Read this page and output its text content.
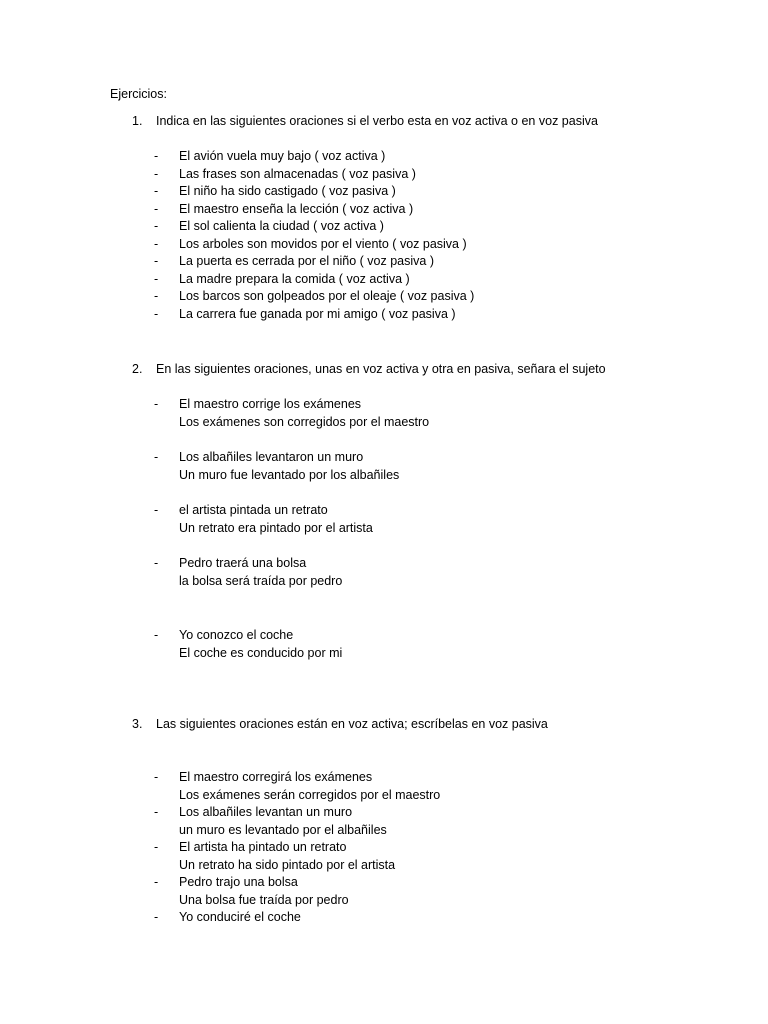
Ejercicios:
1. Indica en las siguientes oraciones si el verbo esta en voz activa o en voz pasiva
- El avión vuela muy bajo ( voz activa )
- Las frases son almacenadas ( voz pasiva )
- El niño ha sido castigado ( voz pasiva )
- El maestro enseña la lección ( voz activa )
- El sol calienta la ciudad ( voz activa )
- Los arboles son movidos por el viento ( voz pasiva )
- La puerta es cerrada por el niño ( voz pasiva )
- La madre prepara la comida ( voz activa )
- Los barcos son golpeados por el oleaje ( voz pasiva )
- La carrera fue ganada por mi amigo ( voz pasiva )
2. En las siguientes oraciones, unas en voz activa y otra en pasiva, señara el sujeto
- El maestro corrige los exámenes
Los exámenes son corregidos por el maestro
- Los albañiles levantaron un muro
Un muro fue levantado por los albañiles
- el artista pintada un retrato
Un retrato era pintado por el artista
- Pedro traerá una bolsa
la bolsa será traída por pedro
- Yo conozco el coche
El coche es conducido por mi
3. Las siguientes oraciones están en voz activa; escríbelas en voz pasiva
- El maestro corregirá los exámenes
Los exámenes serán corregidos por el maestro
- Los albañiles levantan un muro
un muro es levantado por el albañiles
- El artista ha pintado un retrato
Un retrato ha sido pintado por el artista
- Pedro trajo una bolsa
Una bolsa fue traída por pedro
- Yo conduciré el coche
